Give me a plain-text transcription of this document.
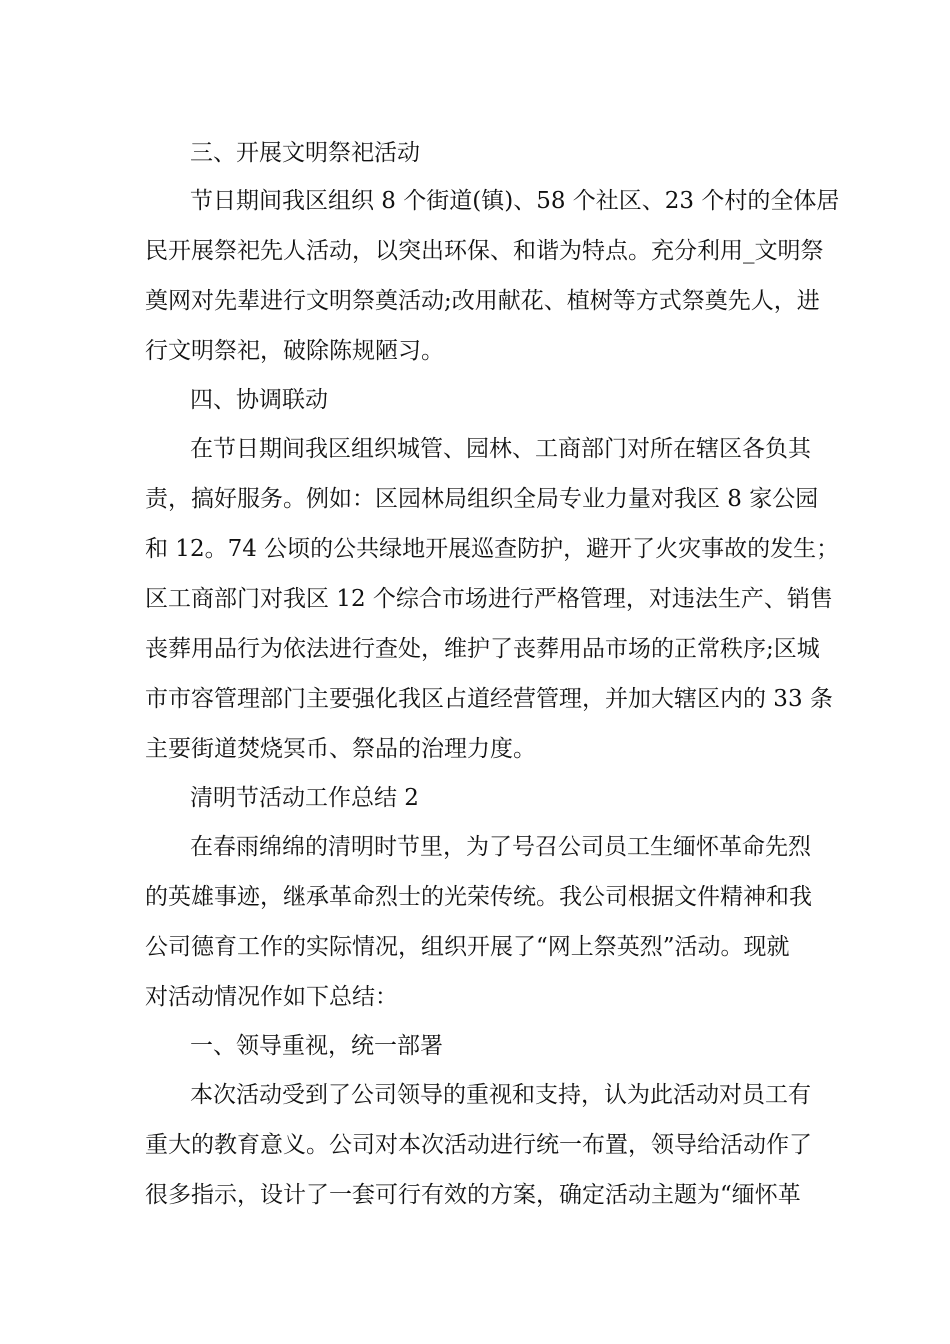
三、开展文明祭祀活动
节日期间我区组织 8 个街道(镇)、58 个社区、23 个村的全体居
民开展祭祀先人活动，以突出环保、和谐为特点。充分利用_文明祭
奠网对先辈进行文明祭奠活动;改用献花、植树等方式祭奠先人，进
行文明祭祀，破除陈规陋习。
四、协调联动
在节日期间我区组织城管、园林、工商部门对所在辖区各负其
责，搞好服务。例如：区园林局组织全局专业力量对我区 8 家公园
和 12。74 公顷的公共绿地开展巡查防护，避开了火灾事故的发生；
区工商部门对我区 12 个综合市场进行严格管理，对违法生产、销售
丧葬用品行为依法进行查处，维护了丧葬用品市场的正常秩序;区城
市市容管理部门主要强化我区占道经营管理，并加大辖区内的 33 条
主要街道焚烧冥币、祭品的治理力度。
清明节活动工作总结 2
在春雨绵绵的清明时节里，为了号召公司员工生缅怀革命先烈
的英雄事迹，继承革命烈士的光荣传统。我公司根据文件精神和我
公司德育工作的实际情况，组织开展了“网上祭英烈”活动。现就
对活动情况作如下总结：
一、领导重视，统一部署
本次活动受到了公司领导的重视和支持，认为此活动对员工有
重大的教育意义。公司对本次活动进行统一布置，领导给活动作了
很多指示，设计了一套可行有效的方案，确定活动主题为“缅怀革
